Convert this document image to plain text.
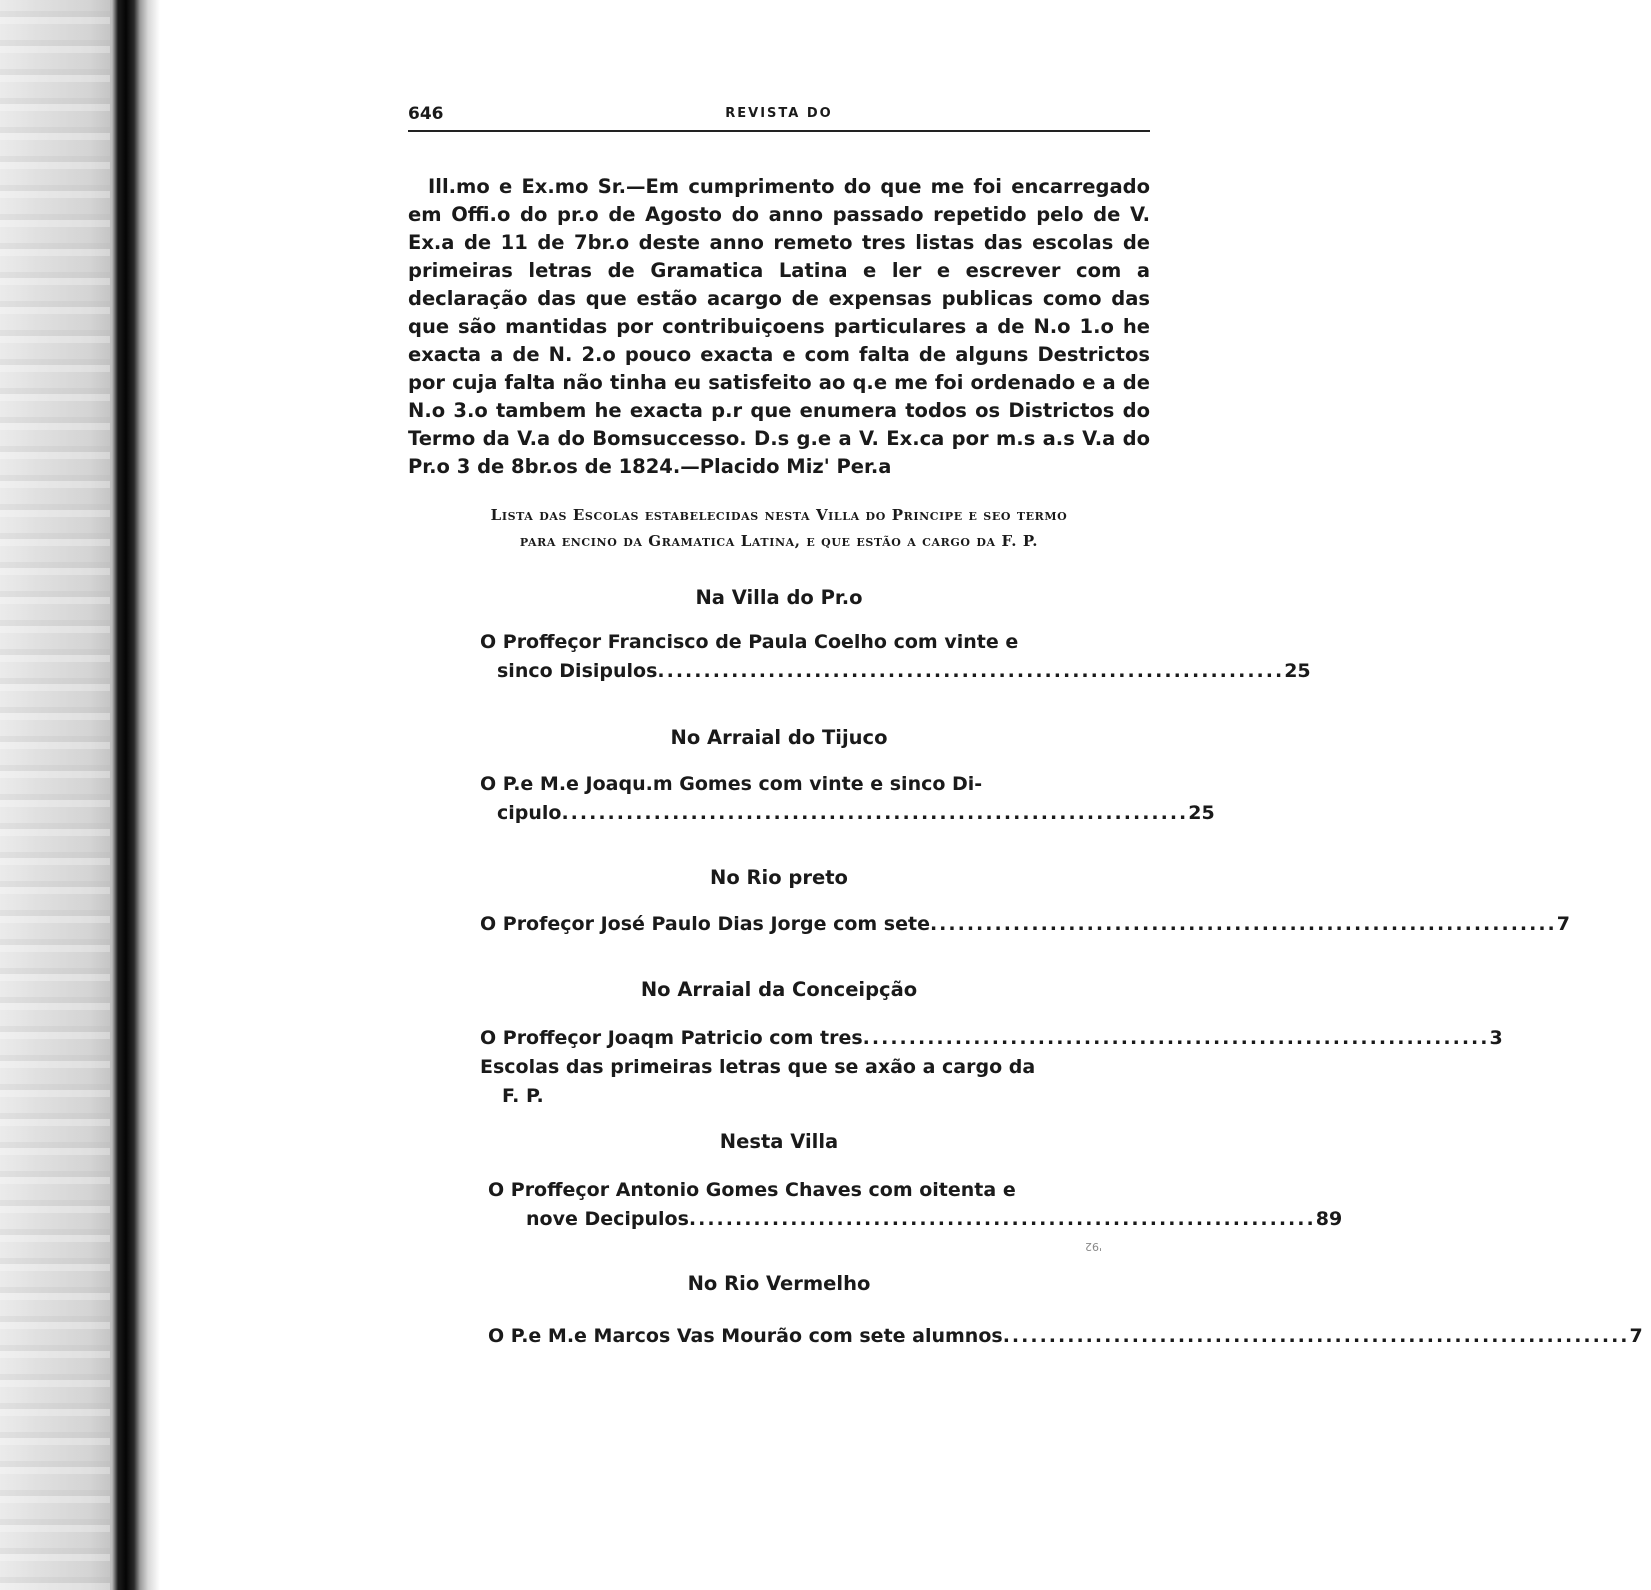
646	REVISTA DO

Ill.mo e Ex.mo Sr.—Em cumprimento do que me foi encarregado em Offi.o do pr.o de Agosto do anno passado repetido pelo de V. Ex.a de 11 de 7br.o deste anno remeto tres listas das escolas de primeiras letras de Gramatica Latina e ler e escrever com a declaração das que estão acargo de expensas publicas como das que são mantidas por contribuiçoens particulares a de N.o 1.o he exacta a de N. 2.o pouco exacta e com falta de alguns Destrictos por cuja falta não tinha eu satisfeito ao q.e me foi ordenado e a de N.o 3.o tambem he exacta p.r que enumera todos os Districtos do Termo da V.a do Bomsuccesso. D.s g.e a V. Ex.ca por m.s a.s V.a do Pr.o 3 de 8br.os de 1824.—Placido Miz' Per.a

Lista das Escolas estabelecidas nesta Villa do Principe e seo termo
para encino da Gramatica Latina, e que estão a cargo da F. P.
Na Villa do Pr.o
O Proffeçor Francisco de Paula Coelho com vinte e
sinco Disipulos .................................................................... 25
No Arraial do Tijuco
O P.e M.e Joaqu.m Gomes com vinte e sinco Di-
cipulo .................................................................... 25
No Rio preto
O Profeçor José Paulo Dias Jorge com sete .................................................................... 7
No Arraial da Conceipção
O Proffeçor Joaqm Patricio com tres .................................................................... 3
Escolas das primeiras letras que se axão a cargo da
F. P.
Nesta Villa
O Proffeçor Antonio Gomes Chaves com oitenta e
nove Decipulos .................................................................... 89
'92
No Rio Vermelho
O P.e M.e Marcos Vas Mourão com sete alumnos .................................................................... 7
